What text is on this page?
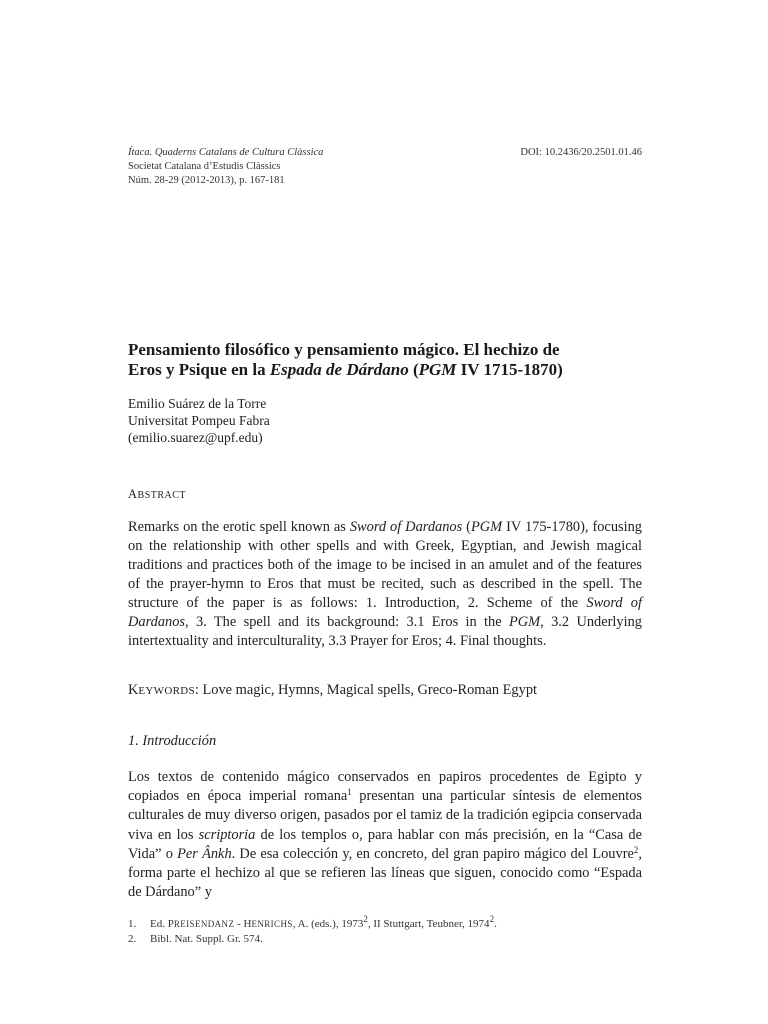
Ítaca. Quaderns Catalans de Cultura Clàssica	DOI: 10.2436/20.2501.01.46
Societat Catalana d’Estudis Clàssics
Núm. 28-29 (2012-2013), p. 167-181
Pensamiento filosófico y pensamiento mágico. El hechizo de
Eros y Psique en la Espada de Dárdano (PGM IV 1715-1870)
Emilio Suárez de la Torre
Universitat Pompeu Fabra
(emilio.suarez@upf.edu)
ABSTRACT
Remarks on the erotic spell known as Sword of Dardanos (PGM IV 175-1780), focusing on the relationship with other spells and with Greek, Egyptian, and Jewish magical traditions and practices both of the image to be incised in an amulet and of the features of the prayer-hymn to Eros that must be recited, such as described in the spell. The structure of the paper is as follows: 1. Introduction, 2. Scheme of the Sword of Dardanos, 3. The spell and its background: 3.1 Eros in the PGM, 3.2 Underlying intertextuality and interculturality, 3.3 Prayer for Eros; 4. Final thoughts.
KEYWORDS: Love magic, Hymns, Magical spells, Greco-Roman Egypt
1. Introducción

Los textos de contenido mágico conservados en papiros procedentes de Egipto y copiados en época imperial romana$^1$ presentan una particular síntesis de elementos culturales de muy diverso origen, pasados por el tamiz de la tradición egipcia conservada viva en los scriptoria de los templos o, para hablar con más precisión, en la “Casa de Vida” o Per Ânkh. De esa colección y, en concreto, del gran papiro mágico del Louvre$^2$, forma parte el hechizo al que se refieren las líneas que siguen, conocido como “Espada de Dárdano” y

1.	Ed. PREISENDANZ - HENRICHS, A. (eds.), 1973$^2$, II Stuttgart, Teubner, 1974$^2$.
2.	Bibl. Nat. Suppl. Gr. 574.
